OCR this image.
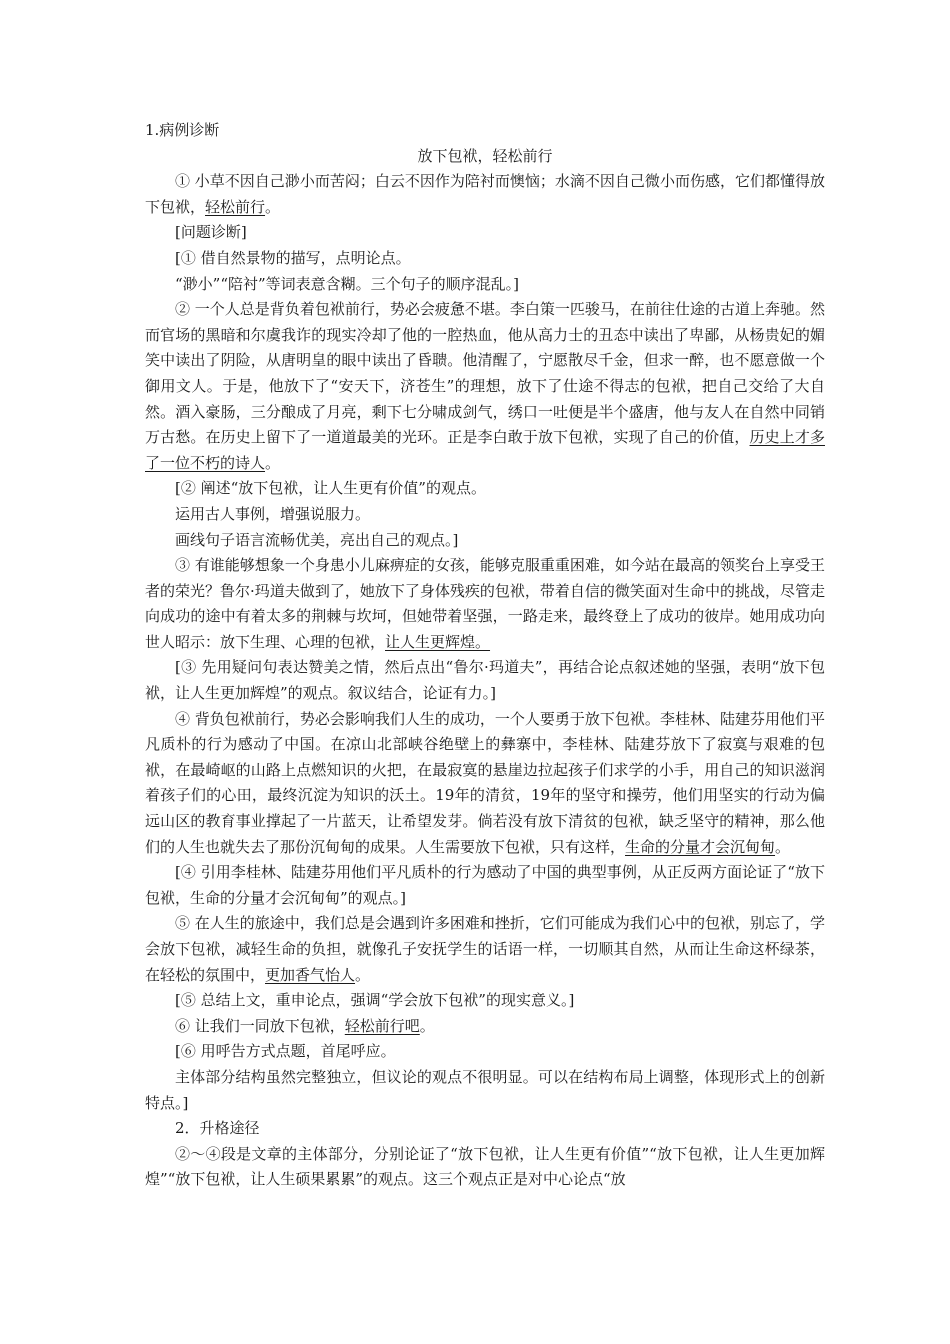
1.病例诊断

放下包袱，轻松前行

① 小草不因自己渺小而苦闷；白云不因作为陪衬而懊恼；水滴不因自己微小而伤感，它们都懂得放下包袱，轻松前行。

[问题诊断]

[① 借自然景物的描写，点明论点。

“渺小”“陪衬”等词表意含糊。三个句子的顺序混乱。]

② 一个人总是背负着包袱前行，势必会疲惫不堪。李白策一匹骏马，在前往仕途的古道上奔驰。然而官场的黑暗和尔虞我诈的现实冷却了他的一腔热血，他从高力士的丑态中读出了卑鄙，从杨贵妃的媚笑中读出了阴险，从唐明皇的眼中读出了昏聩。他清醒了，宁愿散尽千金，但求一醉，也不愿意做一个御用文人。于是，他放下了“安天下，济苍生”的理想，放下了仕途不得志的包袱，把自己交给了大自然。酒入豪肠，三分酿成了月亮，剩下七分啸成剑气，绣口一吐便是半个盛唐，他与友人在自然中同销万古愁。在历史上留下了一道道最美的光环。正是李白敢于放下包袱，实现了自己的价值，历史上才多了一位不朽的诗人。

[② 阐述“放下包袱，让人生更有价值”的观点。

运用古人事例，增强说服力。

画线句子语言流畅优美，亮出自己的观点。]

③ 有谁能够想象一个身患小儿麻痹症的女孩，能够克服重重困难，如今站在最高的领奖台上享受王者的荣光？鲁尔·玛道夫做到了，她放下了身体残疾的包袱，带着自信的微笑面对生命中的挑战，尽管走向成功的途中有着太多的荆棘与坎坷，但她带着坚强，一路走来，最终登上了成功的彼岸。她用成功向世人昭示：放下生理、心理的包袱，让人生更辉煌。

[③ 先用疑问句表达赞美之情，然后点出“鲁尔·玛道夫”，再结合论点叙述她的坚强，表明“放下包袱，让人生更加辉煌”的观点。叙议结合，论证有力。]

④ 背负包袱前行，势必会影响我们人生的成功，一个人要勇于放下包袱。李桂林、陆建芬用他们平凡质朴的行为感动了中国。在凉山北部峡谷绝壁上的彝寨中，李桂林、陆建芬放下了寂寞与艰难的包袱，在最崎岖的山路上点燃知识的火把，在最寂寞的悬崖边拉起孩子们求学的小手，用自己的知识滋润着孩子们的心田，最终沉淀为知识的沃土。19年的清贫，19年的坚守和操劳，他们用坚实的行动为偏远山区的教育事业撑起了一片蓝天，让希望发芽。倘若没有放下清贫的包袱，缺乏坚守的精神，那么他们的人生也就失去了那份沉甸甸的成果。人生需要放下包袱，只有这样，生命的分量才会沉甸甸。

[④ 引用李桂林、陆建芬用他们平凡质朴的行为感动了中国的典型事例，从正反两方面论证了“放下包袱，生命的分量才会沉甸甸”的观点。]

⑤ 在人生的旅途中，我们总是会遇到许多困难和挫折，它们可能成为我们心中的包袱，别忘了，学会放下包袱，减轻生命的负担，就像孔子安抚学生的话语一样，一切顺其自然，从而让生命这杯绿茶，在轻松的氛围中，更加香气怡人。

[⑤ 总结上文，重申论点，强调“学会放下包袱”的现实意义。]

⑥ 让我们一同放下包袱，轻松前行吧。

[⑥ 用呼告方式点题，首尾呼应。

主体部分结构虽然完整独立，但议论的观点不很明显。可以在结构布局上调整，体现形式上的创新特点。]

2．升格途径

②～④段是文章的主体部分，分别论证了“放下包袱，让人生更有价值”“放下包袱，让人生更加辉煌”“放下包袱，让人生硕果累累”的观点。这三个观点正是对中心论点“放
